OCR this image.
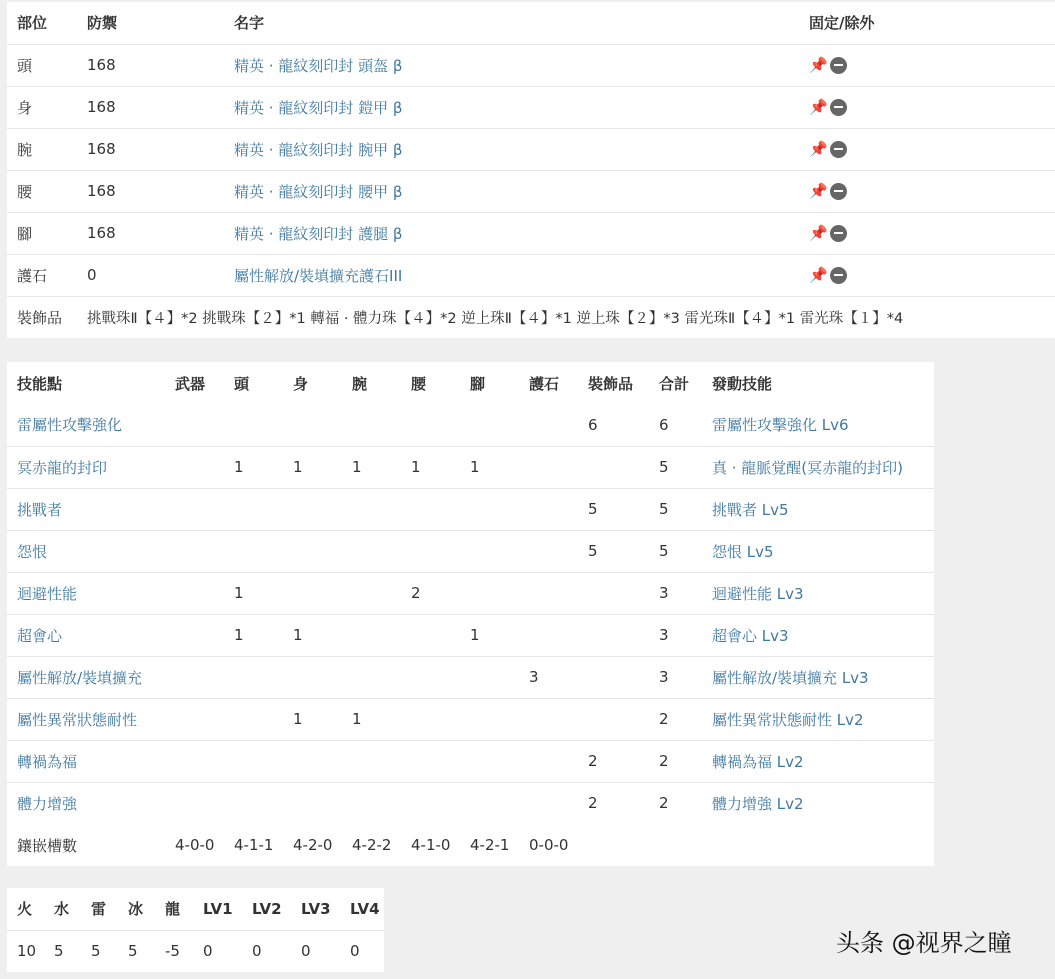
部位	防禦	名字	固定/除外
頭	168	精英 · 龍紋刻印封 頭盔 β	📌
身	168	精英 · 龍紋刻印封 鎧甲 β	📌
腕	168	精英 · 龍紋刻印封 腕甲 β	📌
腰	168	精英 · 龍紋刻印封 腰甲 β	📌
腳	168	精英 · 龍紋刻印封 護腿 β	📌
護石	0	屬性解放/裝填擴充護石III	📌
裝飾品	挑戰珠Ⅱ【４】*2 挑戰珠【２】*1 轉福 · 體力珠【４】*2 逆上珠Ⅱ【４】*1 逆上珠【２】*3 雷光珠Ⅱ【４】*1 雷光珠【１】*4		
技能點	武器	頭	身	腕	腰	腳	護石	裝飾品	合計	發動技能
雷屬性攻擊強化								6	6	雷屬性攻擊強化 Lv6
冥赤龍的封印		1	1	1	1	1			5	真 · 龍脈覚醒(冥赤龍的封印)
挑戰者								5	5	挑戰者 Lv5
怨恨								5	5	怨恨 Lv5
迴避性能		1			2				3	迴避性能 Lv3
超會心		1	1			1			3	超會心 Lv3
屬性解放/裝填擴充							3		3	屬性解放/裝填擴充 Lv3
屬性異常狀態耐性			1	1					2	屬性異常狀態耐性 Lv2
轉禍為福								2	2	轉禍為福 Lv2
體力增強								2	2	體力增強 Lv2
鑲嵌槽數	4-0-0	4-1-1	4-2-0	4-2-2	4-1-0	4-2-1	0-0-0			
火	水	雷	冰	龍	LV1	LV2	LV3	LV4
10	5	5	5	-5	0	0	0	0	头条 @视界之瞳
